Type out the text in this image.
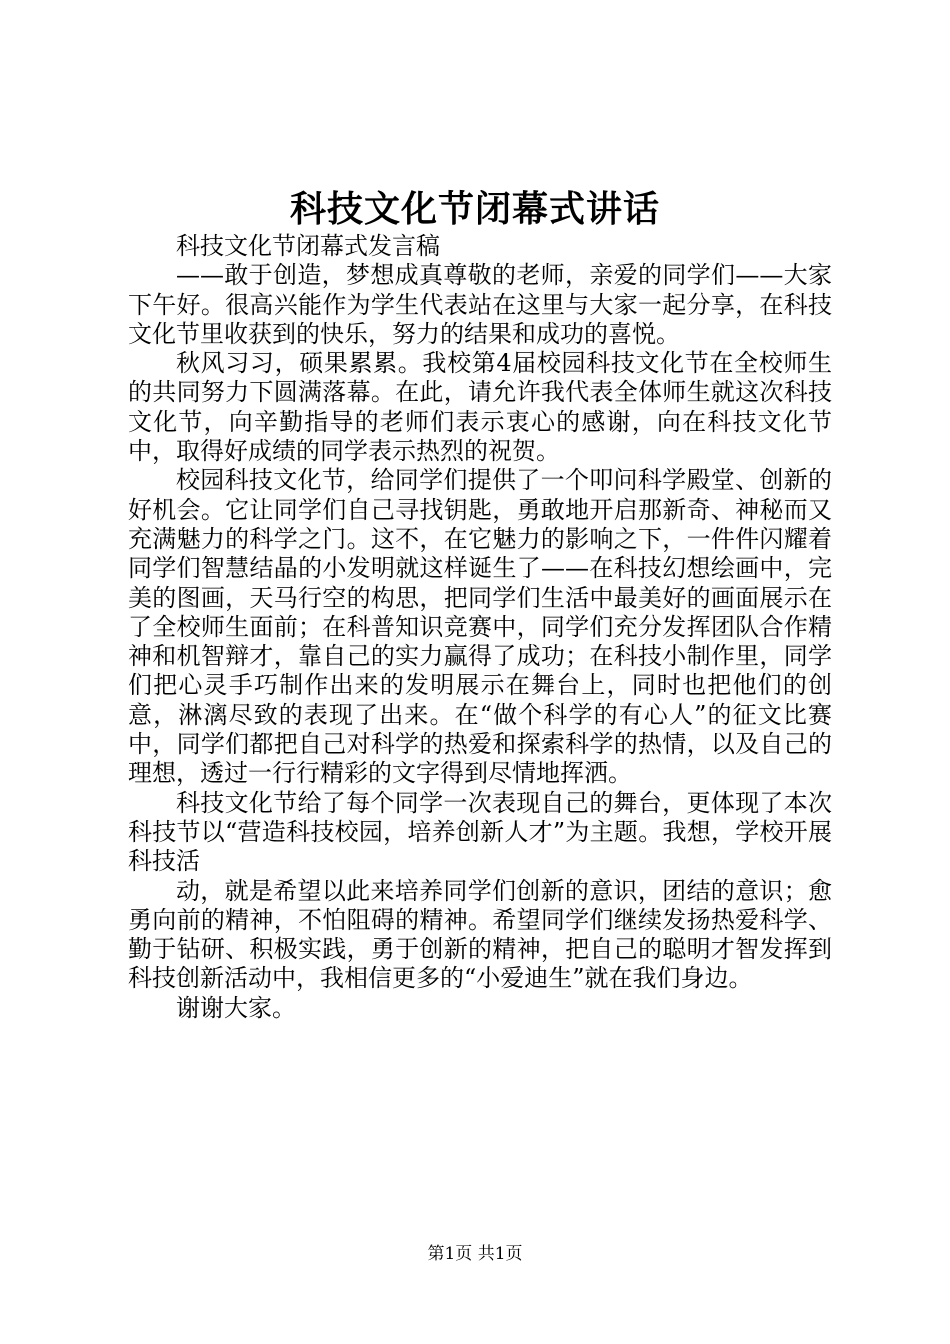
科技文化节闭幕式讲话

科技文化节闭幕式发言稿

——敢于创造，梦想成真尊敬的老师，亲爱的同学们——大家下午好。很高兴能作为学生代表站在这里与大家一起分享，在科技文化节里收获到的快乐，努力的结果和成功的喜悦。

秋风习习，硕果累累。我校第4届校园科技文化节在全校师生的共同努力下圆满落幕。在此，请允许我代表全体师生就这次科技文化节，向辛勤指导的老师们表示衷心的感谢，向在科技文化节中，取得好成绩的同学表示热烈的祝贺。

校园科技文化节，给同学们提供了一个叩问科学殿堂、创新的好机会。它让同学们自己寻找钥匙，勇敢地开启那新奇、神秘而又充满魅力的科学之门。这不，在它魅力的影响之下，一件件闪耀着同学们智慧结晶的小发明就这样诞生了——在科技幻想绘画中，完美的图画，天马行空的构思，把同学们生活中最美好的画面展示在了全校师生面前；在科普知识竞赛中，同学们充分发挥团队合作精神和机智辩才，靠自己的实力赢得了成功；在科技小制作里，同学们把心灵手巧制作出来的发明展示在舞台上，同时也把他们的创意，淋漓尽致的表现了出来。在“做个科学的有心人”的征文比赛中，同学们都把自己对科学的热爱和探索科学的热情，以及自己的理想，透过一行行精彩的文字得到尽情地挥洒。

科技文化节给了每个同学一次表现自己的舞台，更体现了本次科技节以“营造科技校园，培养创新人才”为主题。我想，学校开展科技活

动，就是希望以此来培养同学们创新的意识，团结的意识；愈勇向前的精神，不怕阻碍的精神。希望同学们继续发扬热爱科学、勤于钻研、积极实践，勇于创新的精神，把自己的聪明才智发挥到科技创新活动中，我相信更多的“小爱迪生”就在我们身边。

谢谢大家。

第1页 共1页
